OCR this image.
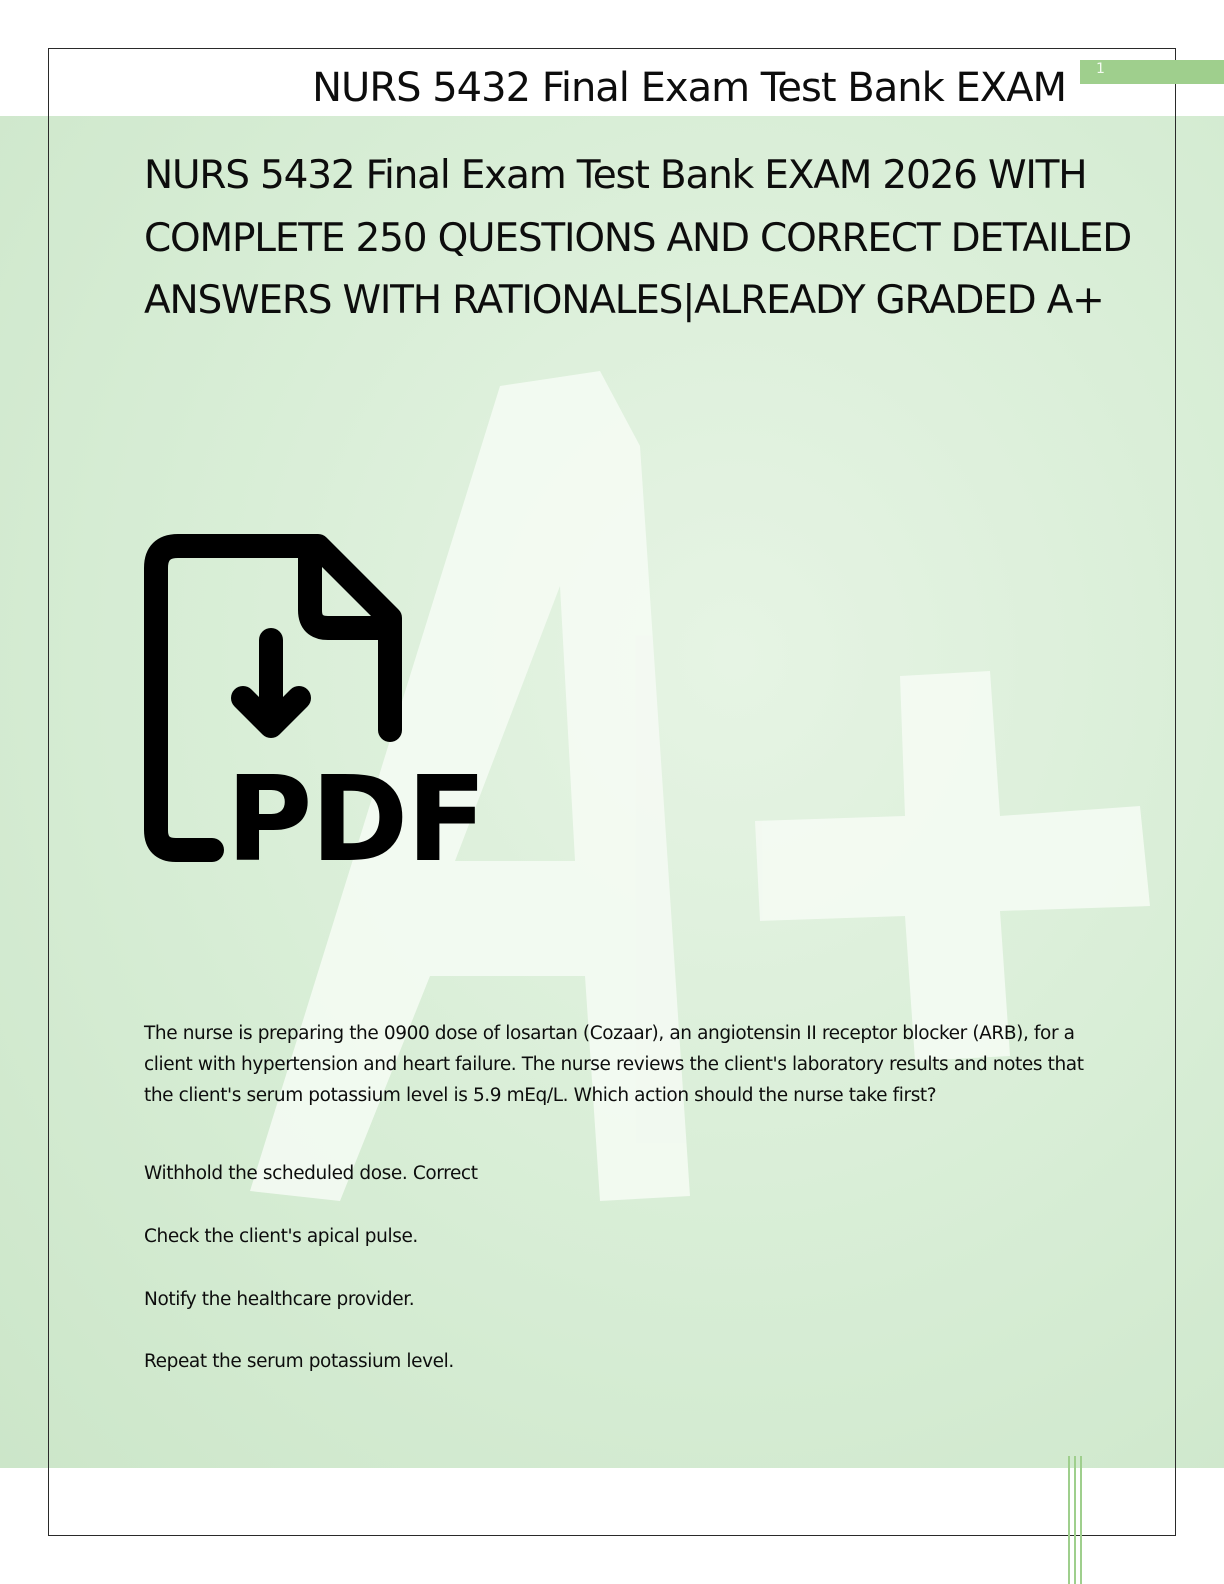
NURS 5432 Final Exam Test Bank EXAM 1
NURS 5432 Final Exam Test Bank EXAM 2026 WITH COMPLETE 250 QUESTIONS AND CORRECT DETAILED ANSWERS WITH RATIONALES|ALREADY GRADED A+
PDF

The nurse is preparing the 0900 dose of losartan (Cozaar), an angiotensin II receptor blocker (ARB), for a client with hypertension and heart failure. The nurse reviews the client's laboratory results and notes that the client's serum potassium level is 5.9 mEq/L. Which action should the nurse take first?

Withhold the scheduled dose. Correct

Check the client's apical pulse.

Notify the healthcare provider.

Repeat the serum potassium level.
